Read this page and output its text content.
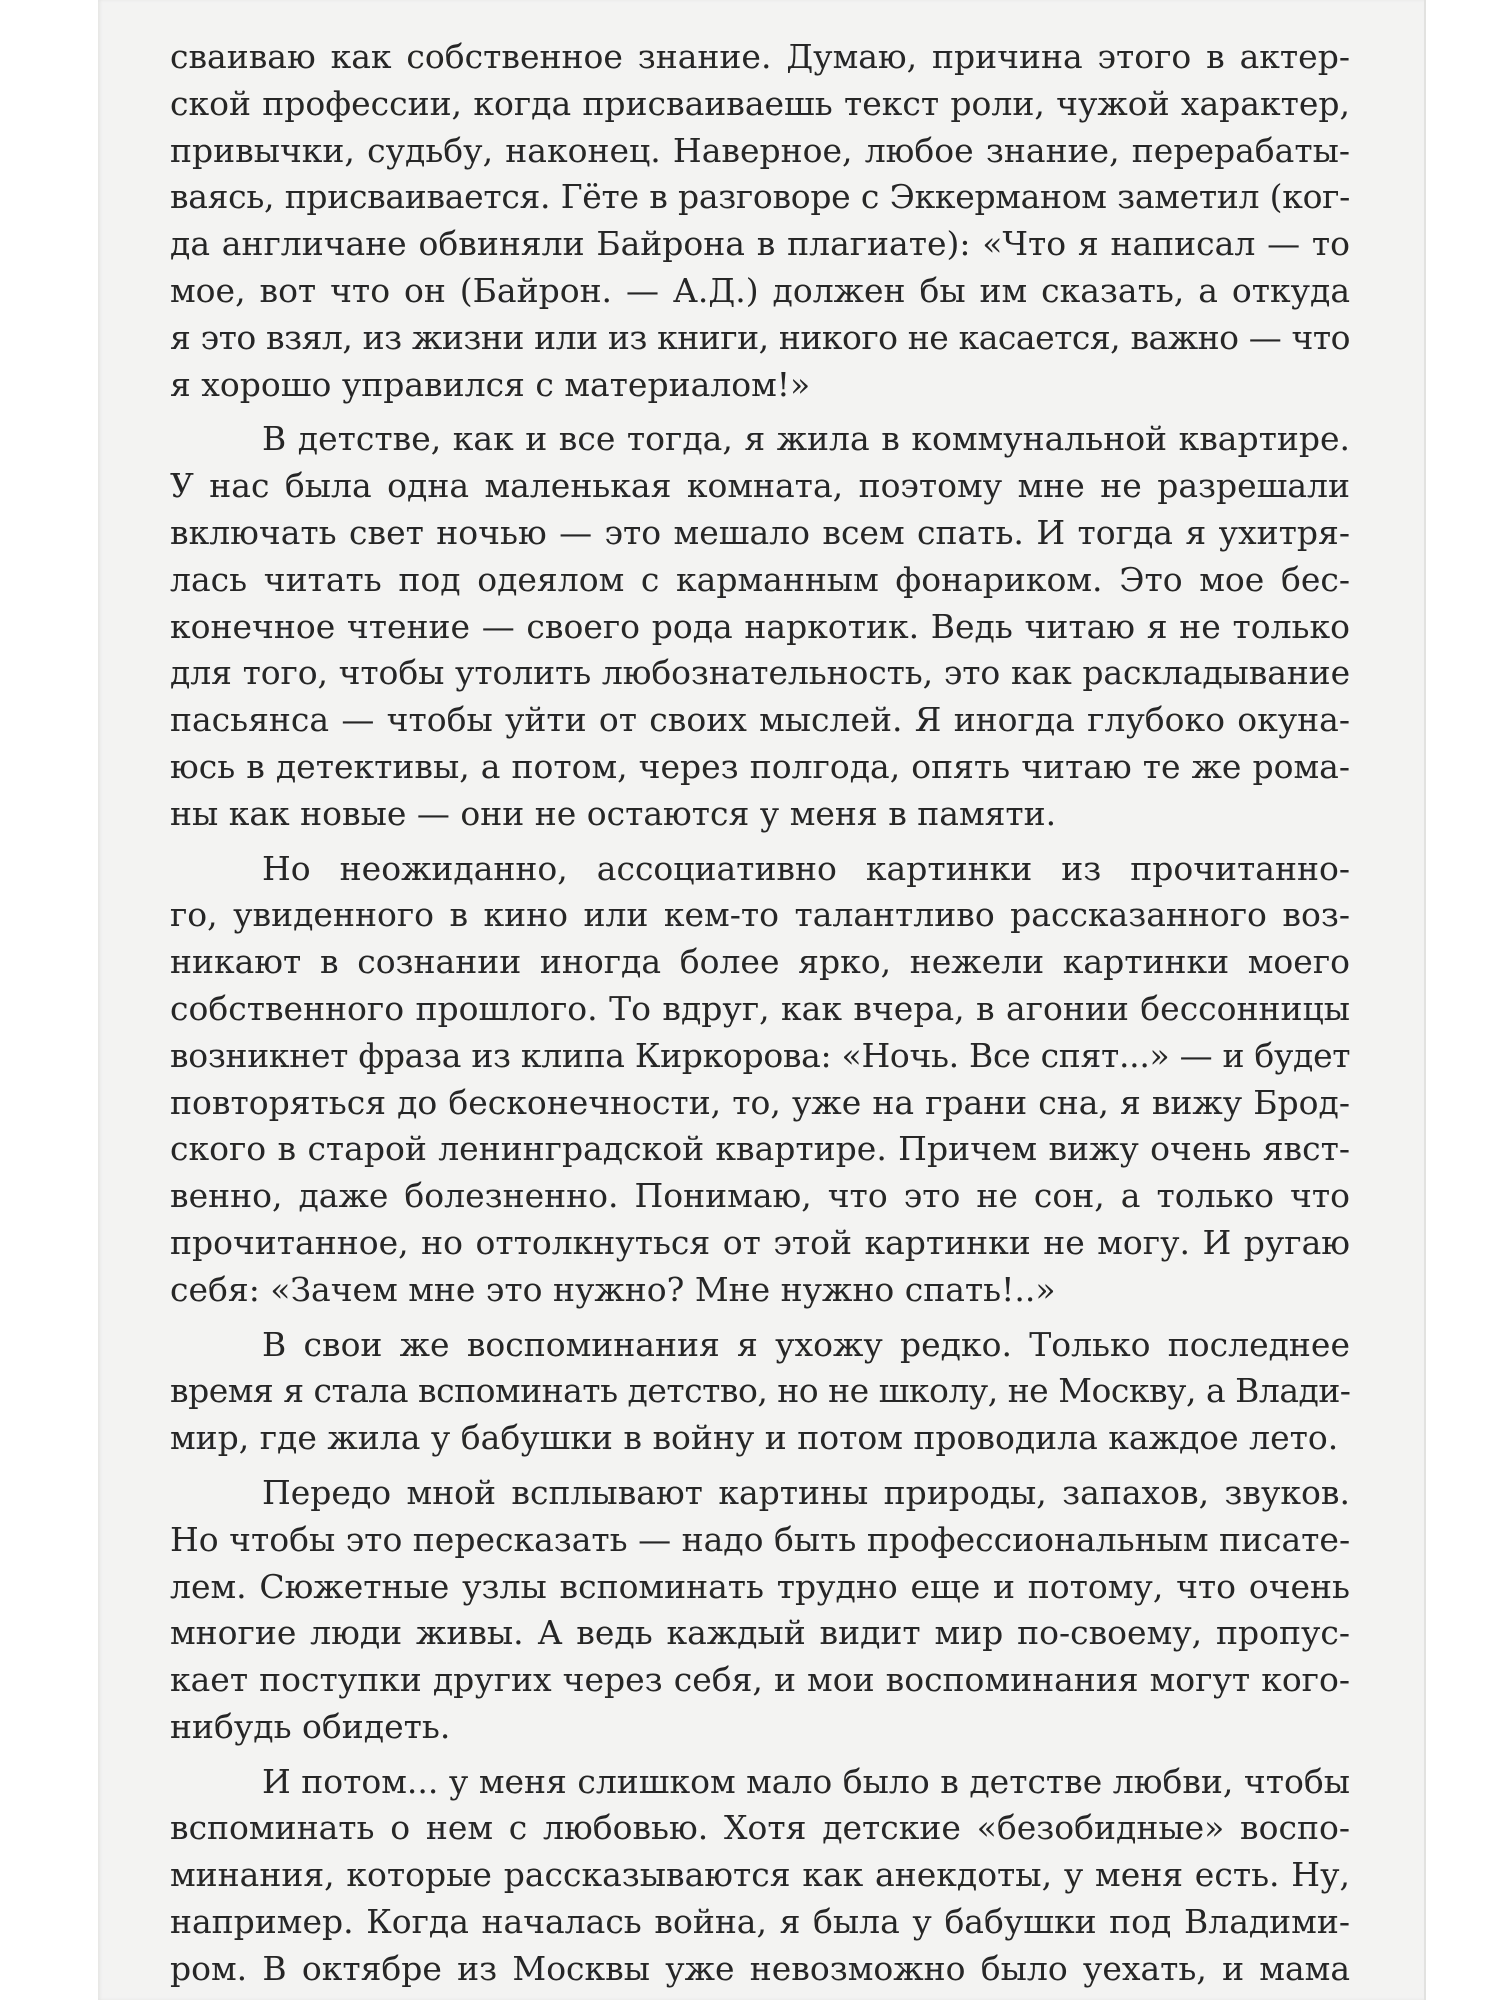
сваиваю как собственное знание. Думаю, причина этого в актер-
ской профессии, когда присваиваешь текст роли, чужой характер,
привычки, судьбу, наконец. Наверное, любое знание, перерабаты-
ваясь, присваивается. Гёте в разговоре с Эккерманом заметил (ког-
да англичане обвиняли Байрона в плагиате): «Что я написал — то
мое, вот что он (Байрон. — А.Д.) должен бы им сказать, а откуда
я это взял, из жизни или из книги, никого не касается, важно — что
я хорошо управился с материалом!»
В детстве, как и все тогда, я жила в коммунальной квартире.
У нас была одна маленькая комната, поэтому мне не разрешали
включать свет ночью — это мешало всем спать. И тогда я ухитря-
лась читать под одеялом с карманным фонариком. Это мое бес-
конечное чтение — своего рода наркотик. Ведь читаю я не только
для того, чтобы утолить любознательность, это как раскладывание
пасьянса — чтобы уйти от своих мыслей. Я иногда глубоко окуна-
юсь в детективы, а потом, через полгода, опять читаю те же рома-
ны как новые — они не остаются у меня в памяти.
Но неожиданно, ассоциативно картинки из прочитанно-
го, увиденного в кино или кем-то талантливо рассказанного воз-
никают в сознании иногда более ярко, нежели картинки моего
собственного прошлого. То вдруг, как вчера, в агонии бессонницы
возникнет фраза из клипа Киркорова: «Ночь. Все спят...» — и будет
повторяться до бесконечности, то, уже на грани сна, я вижу Брод-
ского в старой ленинградской квартире. Причем вижу очень явст-
венно, даже болезненно. Понимаю, что это не сон, а только что
прочитанное, но оттолкнуться от этой картинки не могу. И ругаю
себя: «Зачем мне это нужно? Мне нужно спать!..»
В свои же воспоминания я ухожу редко. Только последнее
время я стала вспоминать детство, но не школу, не Москву, а Влади-
мир, где жила у бабушки в войну и потом проводила каждое лето.
Передо мной всплывают картины природы, запахов, звуков.
Но чтобы это пересказать — надо быть профессиональным писате-
лем. Сюжетные узлы вспоминать трудно еще и потому, что очень
многие люди живы. А ведь каждый видит мир по-своему, пропус-
кает поступки других через себя, и мои воспоминания могут кого-
нибудь обидеть.
И потом... у меня слишком мало было в детстве любви, чтобы
вспоминать о нем с любовью. Хотя детские «безобидные» воспо-
минания, которые рассказываются как анекдоты, у меня есть. Ну,
например. Когда началась война, я была у бабушки под Владими-
ром. В октябре из Москвы уже невозможно было уехать, и мама
